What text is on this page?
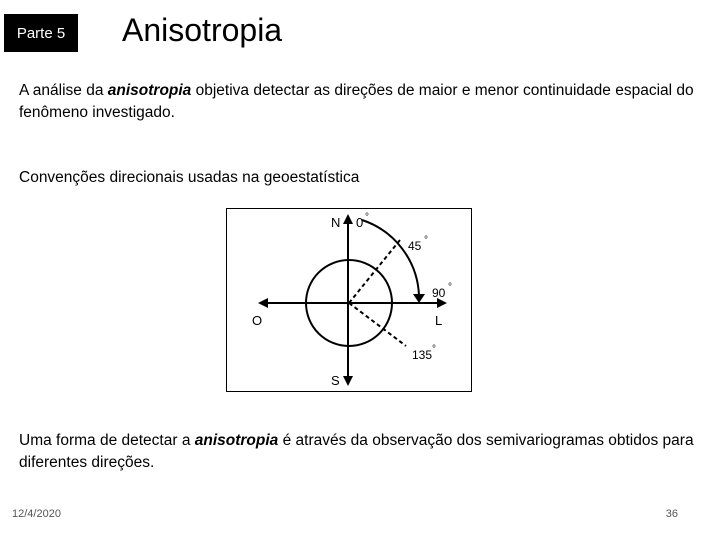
Parte 5 Anisotropia
A análise da anisotropia objetiva detectar as direções de maior e menor continuidade espacial do fenômeno investigado.
Convenções direcionais usadas na geoestatística
N 0 °
45 °
90 °
O	L
135 °
S
Uma forma de detectar a anisotropia é através da observação dos semivariogramas obtidos para diferentes direções.
12/4/2020	36
